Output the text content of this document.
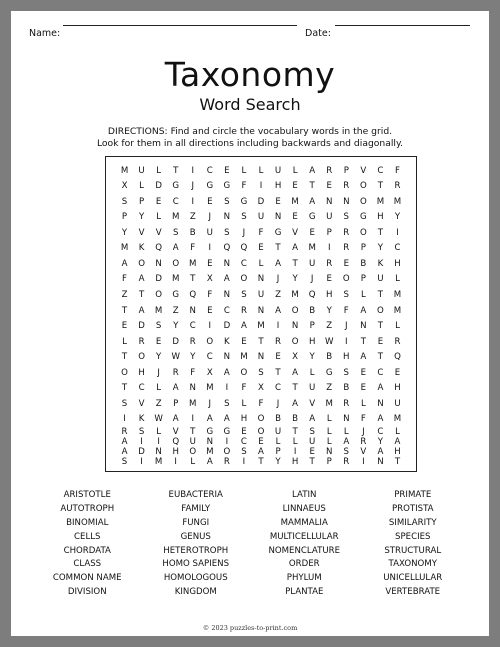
Name:	Date:
Taxonomy
Word Search
DIRECTIONS: Find and circle the vocabulary words in the grid.
Look for them in all directions including backwards and diagonally.
M	U	L	T	I	C	E	L	L	U	L	A	R	P	V	C	F
X	L	D	G	J	G	G	F	I	H	E	T	E	R	O	T	R
S	P	E	C	I	E	S	G	D	E	M	A	N	N	O	M	M
P	Y	L	M	Z	J	N	S	U	N	E	G	U	S	G	H	Y
Y	V	V	S	B	U	S	J	F	G	V	E	P	R	O	T	I
M	K	Q	A	F	I	Q	Q	E	T	A	M	I	R	P	Y	C
A	O	N	O	M	E	N	C	L	A	T	U	R	E	B	K	H
F	A	D	M	T	X	A	O	N	J	Y	J	E	O	P	U	L
Z	T	O	G	Q	F	N	S	U	Z	M	Q	H	S	L	T	M
T	A	M	Z	N	E	C	R	N	A	O	B	Y	F	A	O	M
E	D	S	Y	C	I	D	A	M	I	N	P	Z	J	N	T	L
L	R	E	D	R	O	K	E	T	R	O	H	W	I	T	E	R
T	O	Y	W	Y	C	N	M	N	E	X	Y	B	H	A	T	Q
O	H	J	R	F	X	A	O	S	T	A	L	G	S	E	C	E
T	C	L	A	N	M	I	F	X	C	T	U	Z	B	E	A	H
S	V	Z	P	M	J	S	L	F	J	A	V	M	R	L	N	U
I	K	W	A	I	A	A	H	O	B	B	A	L	N	F	A	M
R	S	L	V	T	G	G	E	O	U	T	S	L	L	J	C	L
A	I	I	Q	U	N	I	C	E	L	L	U	L	A	R	Y	A
A	D	N	H	O	M	O	S	A	P	I	E	N	S	V	A	H
S	I	M	I	L	A	R	I	T	Y	H	T	P	R	I	N	T
ARISTOTLE
AUTOTROPH
BINOMIAL
CELLS
CHORDATA
CLASS
COMMON NAME
DIVISION
EUBACTERIA
FAMILY
FUNGI
GENUS
HETEROTROPH
HOMO SAPIENS
HOMOLOGOUS
KINGDOM
LATIN
LINNAEUS
MAMMALIA
MULTICELLULAR
NOMENCLATURE
ORDER
PHYLUM
PLANTAE
PRIMATE
PROTISTA
SIMILARITY
SPECIES
STRUCTURAL
TAXONOMY
UNICELLULAR
VERTEBRATE
© 2023 puzzles-to-print.com
